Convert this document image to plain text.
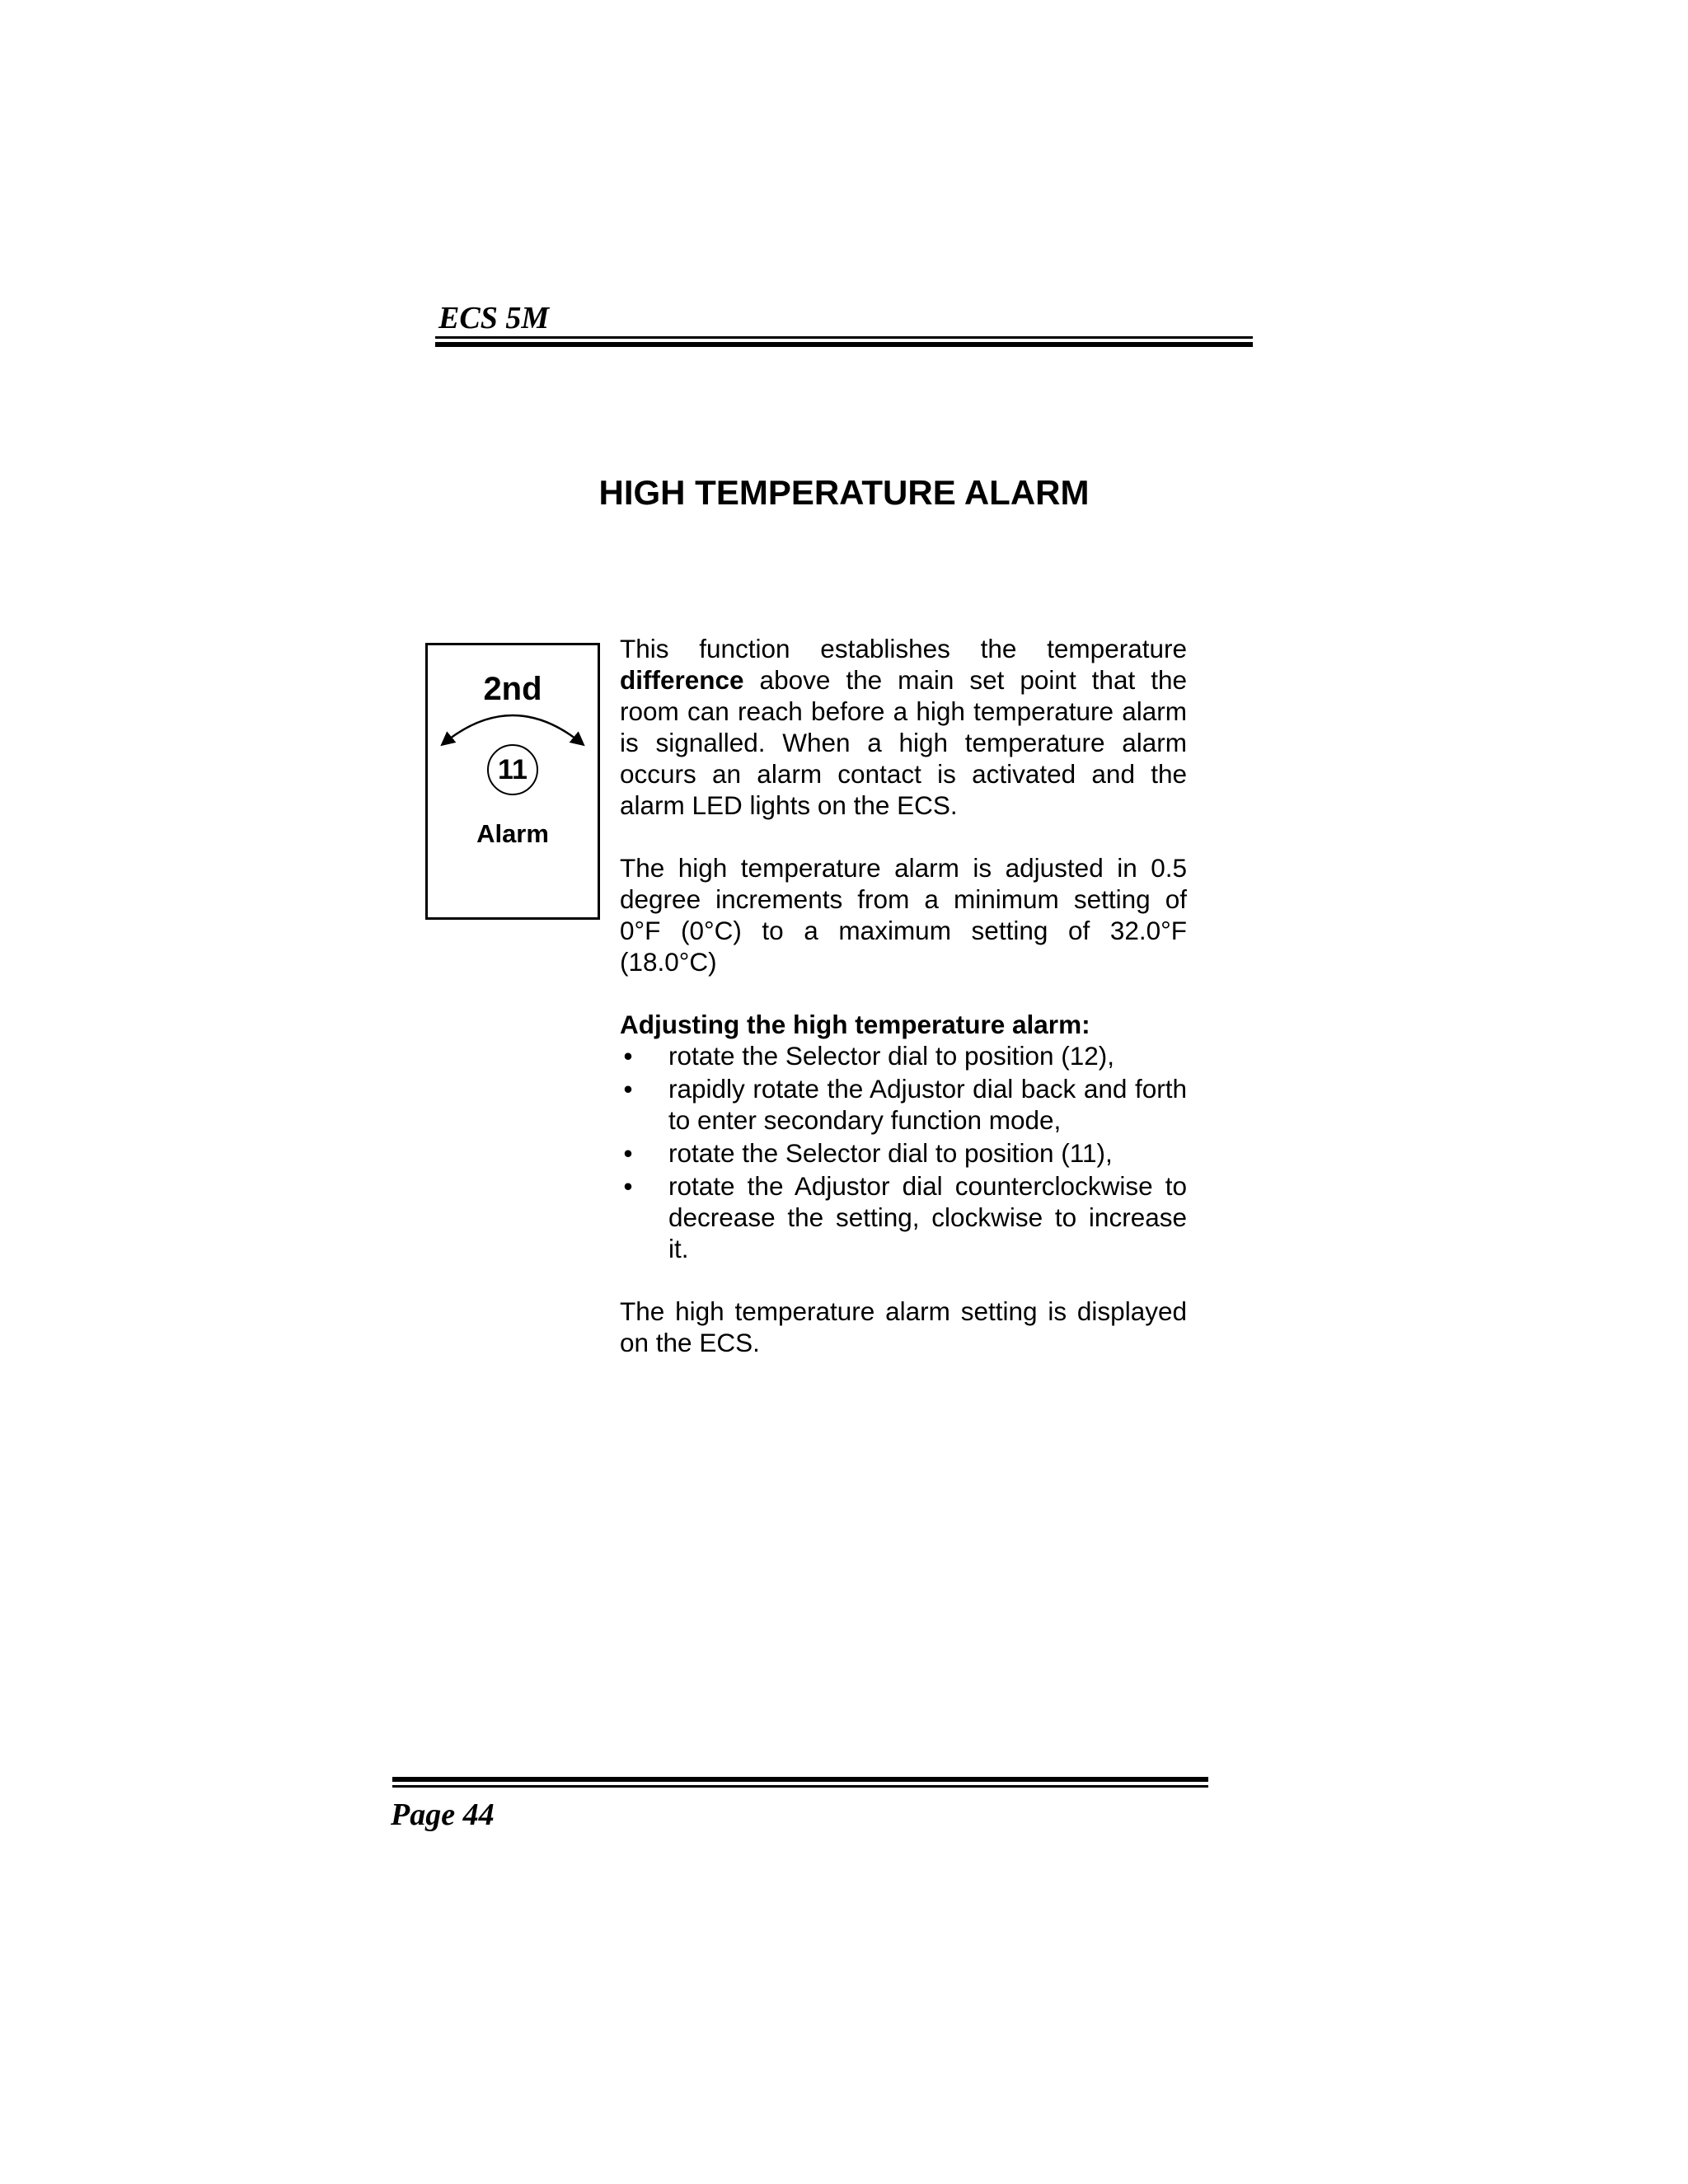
ECS 5M
HIGH TEMPERATURE ALARM
2nd
11
Alarm

This function establishes the temperature difference above the main set point that the room can reach before a high temperature alarm is signalled. When a high temperature alarm occurs an alarm contact is activated and the alarm LED lights on the ECS.

The high temperature alarm is adjusted in 0.5 degree increments from a minimum setting of 0°F (0°C) to a maximum setting of 32.0°F (18.0°C)

Adjusting the high temperature alarm:
• rotate the Selector dial to position (12),
• rapidly rotate the Adjustor dial back and forth to enter secondary function mode,
• rotate the Selector dial to position (11),
• rotate the Adjustor dial counterclockwise to decrease the setting, clockwise to increase it.

The high temperature alarm setting is displayed on the ECS.

Page 44
